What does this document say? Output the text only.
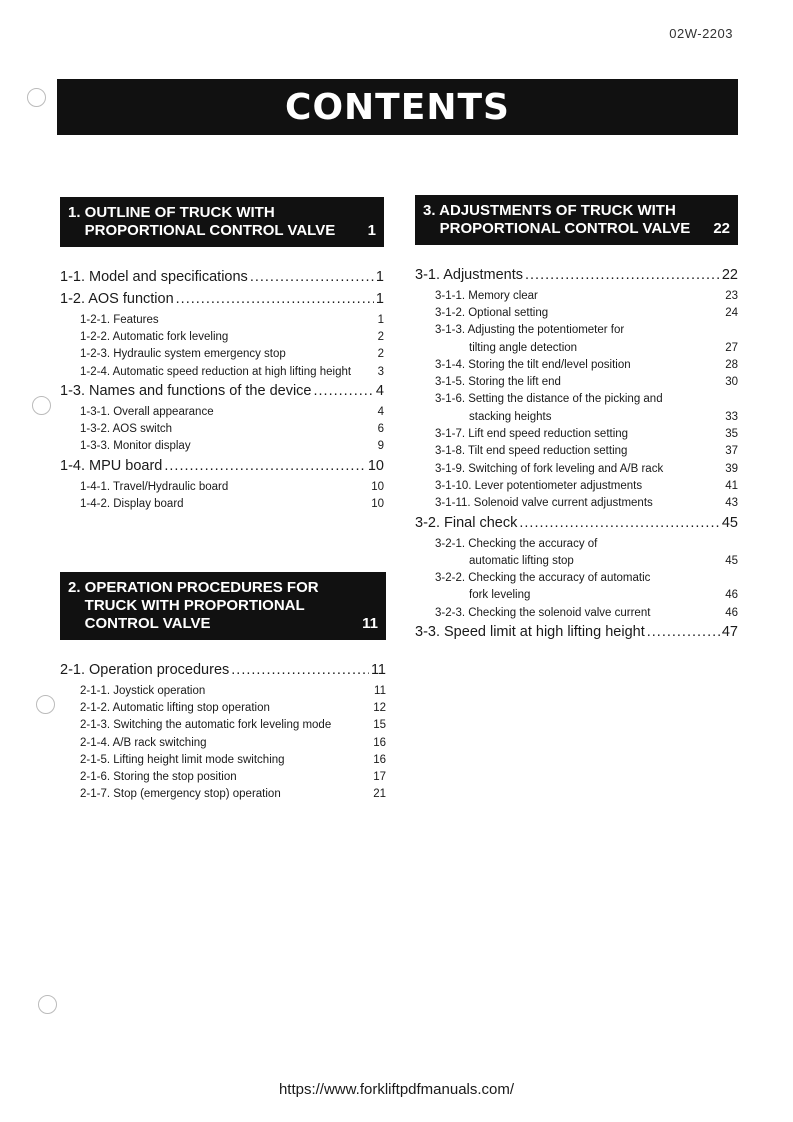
02W-2203
CONTENTS
1. OUTLINE OF TRUCK WITH
PROPORTIONAL CONTROL VALVE 1
1-1. Model and specifications .....	1
1-2. AOS function .....	1
1-2-1. Features	1
1-2-2. Automatic fork leveling	2
1-2-3. Hydraulic system emergency stop	2
1-2-4. Automatic speed reduction at high lifting height	3
1-3. Names and functions of the device .....	4
1-3-1. Overall appearance	4
1-3-2. AOS switch	6
1-3-3. Monitor display	9
1-4. MPU board .....	10
1-4-1. Travel/Hydraulic board	10
1-4-2. Display board	10
2. OPERATION PROCEDURES FOR
TRUCK WITH PROPORTIONAL
CONTROL VALVE	11
2-1. Operation procedures .....	11
2-1-1. Joystick operation	11
2-1-2. Automatic lifting stop operation	12
2-1-3. Switching the automatic fork leveling mode	15
2-1-4. A/B rack switching	16
2-1-5. Lifting height limit mode switching	16
2-1-6. Storing the stop position	17
2-1-7. Stop (emergency stop) operation	21
3. ADJUSTMENTS OF TRUCK WITH
PROPORTIONAL CONTROL VALVE 22
3-1. Adjustments .....	22
3-1-1. Memory clear	23
3-1-2. Optional setting	24
3-1-3. Adjusting the potentiometer for
tilting angle detection	27
3-1-4. Storing the tilt end/level position	28
3-1-5. Storing the lift end	30
3-1-6. Setting the distance of the picking and
stacking heights	33
3-1-7. Lift end speed reduction setting	35
3-1-8. Tilt end speed reduction setting	37
3-1-9. Switching of fork leveling and A/B rack	39
3-1-10. Lever potentiometer adjustments	41
3-1-11. Solenoid valve current adjustments	43
3-2. Final check .....	45
3-2-1. Checking the accuracy of
automatic lifting stop	45
3-2-2. Checking the accuracy of automatic
fork leveling	46
3-2-3. Checking the solenoid valve current	46
3-3. Speed limit at high lifting height .....	47
https://www.forkliftpdfmanuals.com/
